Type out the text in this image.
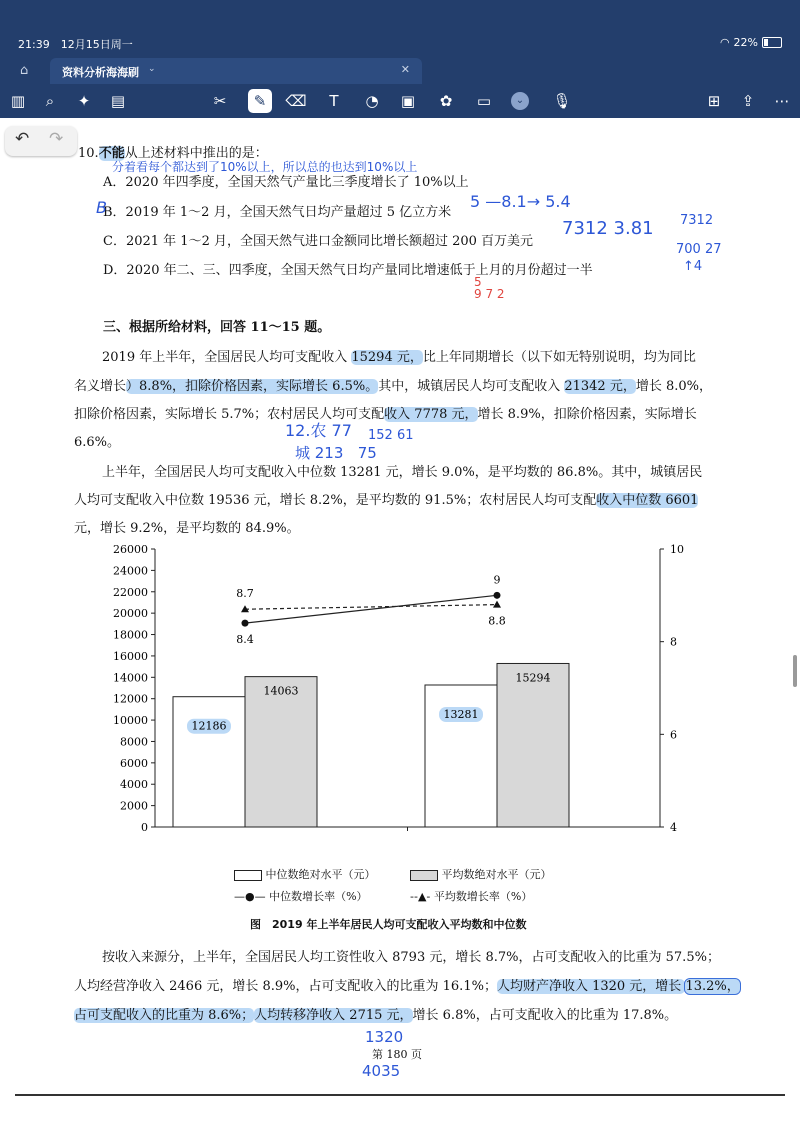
21:39　 12月15日周一	◠ 22%
⌂	资料分析海海刷 ⌄	✕
▥	⌕	✦	▤	✂	✎	⌫	T	◔	▣	✿	▭	⌄	🎙	⊞	⇪	⋯
↶ ↷
10.不能从上述材料中推出的是：
分着看每个都达到了10%以上，所以总的也达到10%以上
A．2020 年四季度，全国天然气产量比三季度增长了 10%以上
B．2019 年 1～2 月，全国天然气日均产量超过 5 亿立方米
C．2021 年 1～2 月，全国天然气进口金额同比增长额超过 200 百万美元
D．2020 年二、三、四季度，全国天然气日均产量同比增速低于上月的月份超过一半
B	5 —8.1→ 5.4
7312 3.81 7312
700 27
↑4
5
9 7 2
三、根据所给材料，回答 11～15 题。
2019 年上半年，全国居民人均可支配收入 15294 元，比上年同期增长（以下如无特别说明，均为同比
名义增长）8.8%，扣除价格因素，实际增长 6.5%。其中，城镇居民人均可支配收入 21342 元，增长 8.0%，
扣除价格因素，实际增长 5.7%；农村居民人均可支配收入 7778 元，增长 8.9%，扣除价格因素，实际增长
6.6%。
12.农 77 152 61
城 213   75
上半年，全国居民人均可支配收入中位数 13281 元，增长 9.0%，是平均数的 86.8%。其中，城镇居民
人均可支配收入中位数 19536 元，增长 8.2%，是平均数的 91.5%；农村居民人均可支配收入中位数 6601
元，增长 9.2%，是平均数的 84.9%。
0
2000
4000
6000
8000
10000
12000
14000
16000
18000
20000
22000
24000
26000
4
6
8
10
12186
13281
14063
15294
8.4
9
8.7
8.8
中位数绝对水平（元）	平均数绝对水平（元）
—●— 中位数增长率（%）	--▲- 平均数增长率（%）
图　2019 年上半年居民人均可支配收入平均数和中位数
按收入来源分，上半年，全国居民人均工资性收入 8793 元，增长 8.7%，占可支配收入的比重为 57.5%；
人均经营净收入 2466 元，增长 8.9%，占可支配收入的比重为 16.1%；人均财产净收入 1320 元，增长 13.2%，
占可支配收入的比重为 8.6%；人均转移净收入 2715 元，增长 6.8%，占可支配收入的比重为 17.8%。
1320
第 180 页
4035
